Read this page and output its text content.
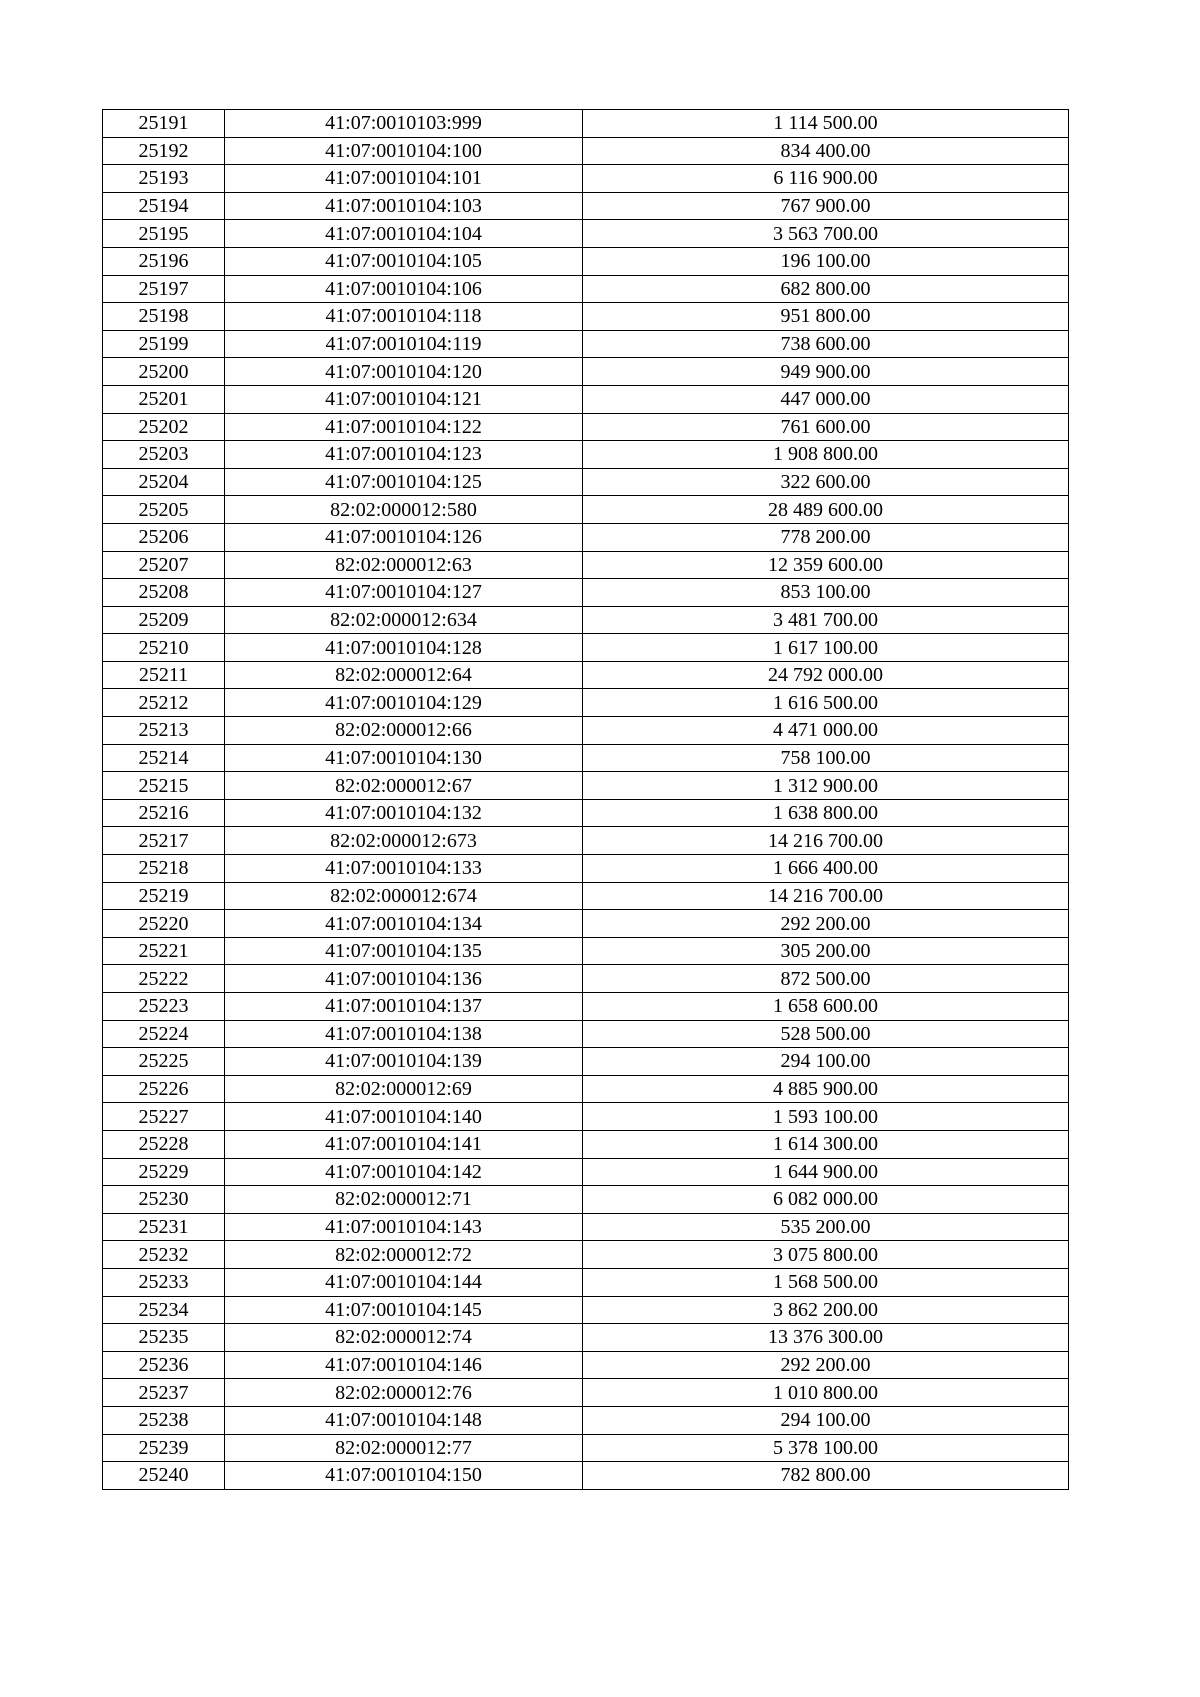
25191	41:07:0010103:999	1 114 500.00
25192	41:07:0010104:100	834 400.00
25193	41:07:0010104:101	6 116 900.00
25194	41:07:0010104:103	767 900.00
25195	41:07:0010104:104	3 563 700.00
25196	41:07:0010104:105	196 100.00
25197	41:07:0010104:106	682 800.00
25198	41:07:0010104:118	951 800.00
25199	41:07:0010104:119	738 600.00
25200	41:07:0010104:120	949 900.00
25201	41:07:0010104:121	447 000.00
25202	41:07:0010104:122	761 600.00
25203	41:07:0010104:123	1 908 800.00
25204	41:07:0010104:125	322 600.00
25205	82:02:000012:580	28 489 600.00
25206	41:07:0010104:126	778 200.00
25207	82:02:000012:63	12 359 600.00
25208	41:07:0010104:127	853 100.00
25209	82:02:000012:634	3 481 700.00
25210	41:07:0010104:128	1 617 100.00
25211	82:02:000012:64	24 792 000.00
25212	41:07:0010104:129	1 616 500.00
25213	82:02:000012:66	4 471 000.00
25214	41:07:0010104:130	758 100.00
25215	82:02:000012:67	1 312 900.00
25216	41:07:0010104:132	1 638 800.00
25217	82:02:000012:673	14 216 700.00
25218	41:07:0010104:133	1 666 400.00
25219	82:02:000012:674	14 216 700.00
25220	41:07:0010104:134	292 200.00
25221	41:07:0010104:135	305 200.00
25222	41:07:0010104:136	872 500.00
25223	41:07:0010104:137	1 658 600.00
25224	41:07:0010104:138	528 500.00
25225	41:07:0010104:139	294 100.00
25226	82:02:000012:69	4 885 900.00
25227	41:07:0010104:140	1 593 100.00
25228	41:07:0010104:141	1 614 300.00
25229	41:07:0010104:142	1 644 900.00
25230	82:02:000012:71	6 082 000.00
25231	41:07:0010104:143	535 200.00
25232	82:02:000012:72	3 075 800.00
25233	41:07:0010104:144	1 568 500.00
25234	41:07:0010104:145	3 862 200.00
25235	82:02:000012:74	13 376 300.00
25236	41:07:0010104:146	292 200.00
25237	82:02:000012:76	1 010 800.00
25238	41:07:0010104:148	294 100.00
25239	82:02:000012:77	5 378 100.00
25240	41:07:0010104:150	782 800.00
